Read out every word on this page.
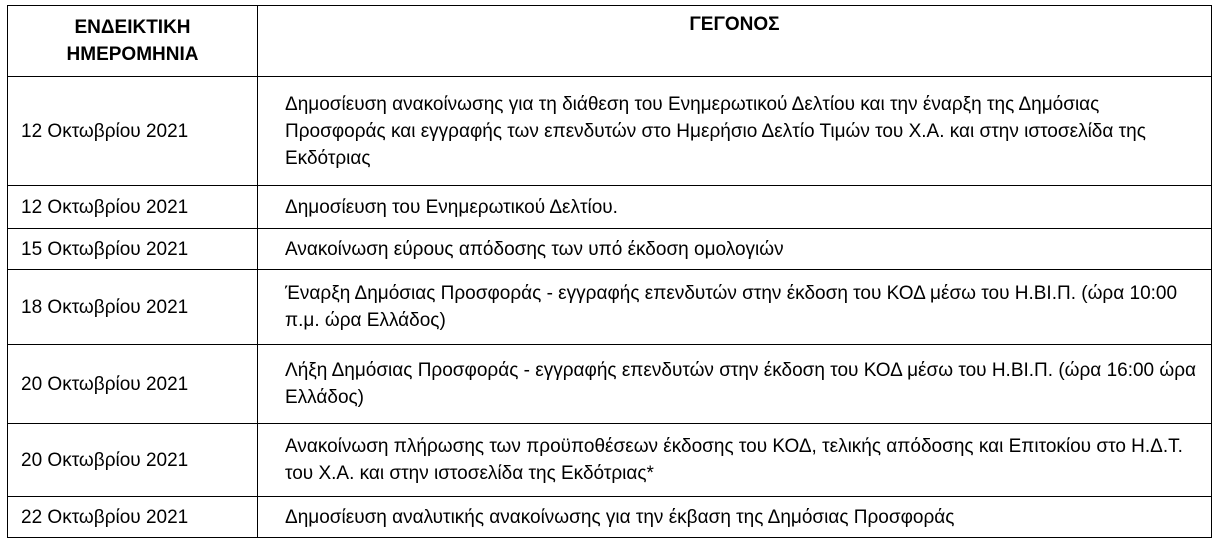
ΕΝΔΕΙΚΤΙΚΗ
ΗΜΕΡΟΜΗΝΙΑ	ΓΕΓΟΝΟΣ
12 Οκτωβρίου 2021	Δημοσίευση ανακοίνωσης για τη διάθεση του Ενημερωτικού Δελτίου και την έναρξη της Δημόσιας Προσφοράς και εγγραφής των επενδυτών στο Ημερήσιο Δελτίο Τιμών του Χ.Α. και στην ιστοσελίδα της Εκδότριας
12 Οκτωβρίου 2021	Δημοσίευση του Ενημερωτικού Δελτίου.
15 Οκτωβρίου 2021	Ανακοίνωση εύρους απόδοσης των υπό έκδοση ομολογιών
18 Οκτωβρίου 2021	Έναρξη Δημόσιας Προσφοράς - εγγραφής επενδυτών στην έκδοση του ΚΟΔ μέσω του Η.ΒΙ.Π. (ώρα 10:00 π.μ. ώρα Ελλάδος)
20 Οκτωβρίου 2021	Λήξη Δημόσιας Προσφοράς - εγγραφής επενδυτών στην έκδοση του ΚΟΔ μέσω του Η.ΒΙ.Π. (ώρα 16:00 ώρα Ελλάδος)
20 Οκτωβρίου 2021	Ανακοίνωση πλήρωσης των προϋποθέσεων έκδοσης του ΚΟΔ, τελικής απόδοσης και Επιτοκίου στο Η.Δ.Τ. του Χ.Α. και στην ιστοσελίδα της Εκδότριας*
22 Οκτωβρίου 2021	Δημοσίευση αναλυτικής ανακοίνωσης για την έκβαση της Δημόσιας Προσφοράς
